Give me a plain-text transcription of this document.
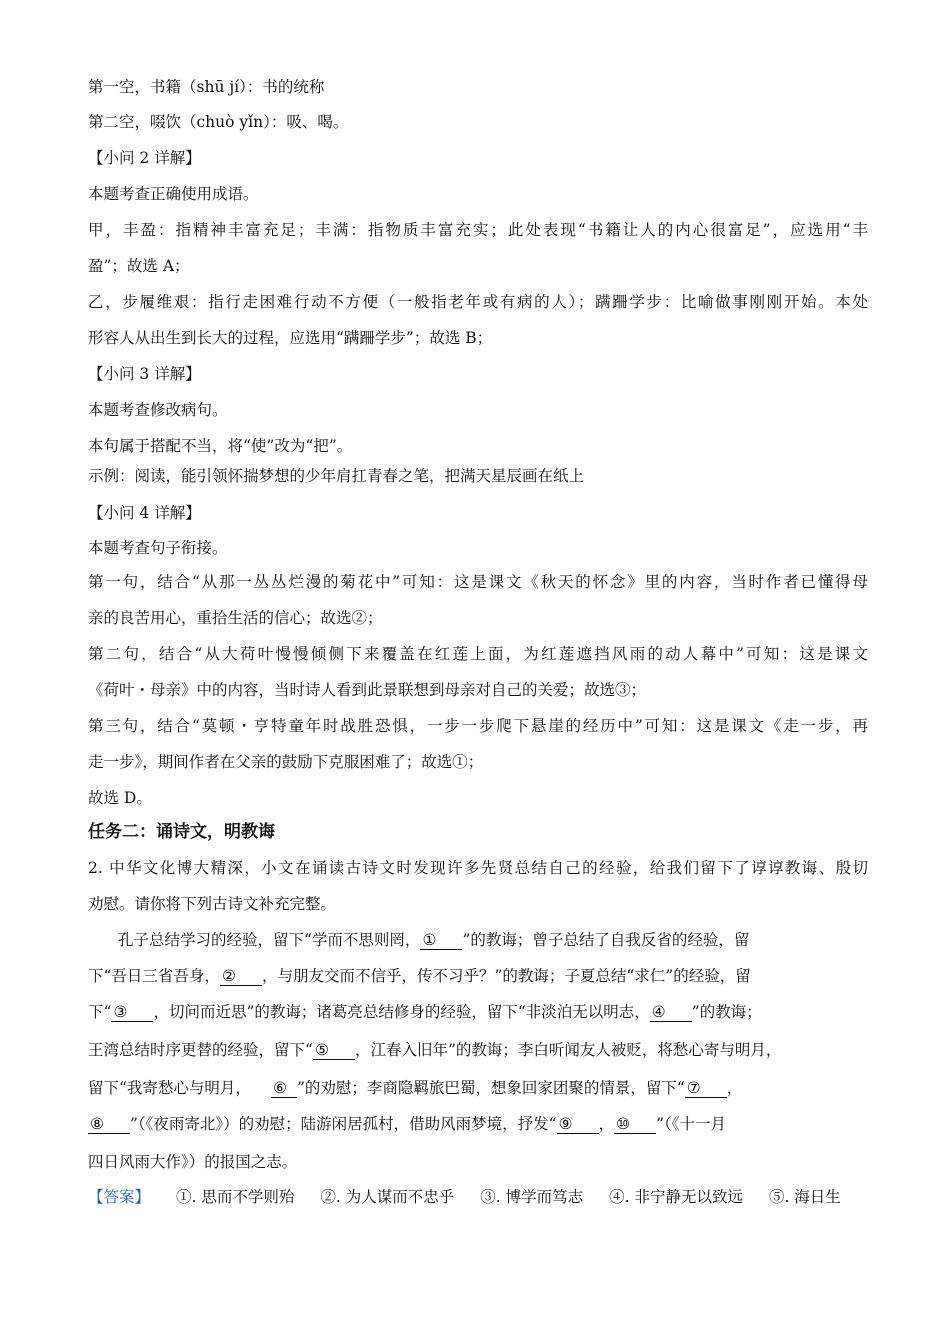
第一空，书籍（shū jí）：书的统称
第二空，啜饮（chuò yǐn）：吸、喝。
【小问 2 详解】
本题考查正确使用成语。
甲，丰盈：指精神丰富充足；丰满：指物质丰富充实；此处表现“书籍让人的内心很富足”，应选用“丰
盈”；故选 A；
乙，步履维艰：指行走困难行动不方便（一般指老年或有病的人）；蹒跚学步：比喻做事刚刚开始。本处
形容人从出生到长大的过程，应选用“蹒跚学步”；故选 B；
【小问 3 详解】
本题考查修改病句。
本句属于搭配不当，将“使”改为“把”。
示例：阅读，能引领怀揣梦想的少年肩扛青春之笔，把满天星辰画在纸上
【小问 4 详解】
本题考查句子衔接。
第一句，结合“从那一丛丛烂漫的菊花中”可知：这是课文《秋天的怀念》里的内容，当时作者已懂得母
亲的良苦用心，重拾生活的信心；故选②；
第二句，结合“从大荷叶慢慢倾侧下来覆盖在红莲上面，为红莲遮挡风雨的动人幕中”可知：这是课文
《荷叶・母亲》中的内容，当时诗人看到此景联想到母亲对自己的关爱；故选③；
第三句，结合“莫顿・亨特童年时战胜恐惧，一步一步爬下悬崖的经历中”可知：这是课文《走一步，再
走一步》，期间作者在父亲的鼓励下克服困难了；故选①；
故选 D。
任务二：诵诗文，明教诲
2. 中华文化博大精深，小文在诵读古诗文时发现许多先贤总结自己的经验，给我们留下了谆谆教诲、殷切
劝慰。请你将下列古诗文补充完整。
孔子总结学习的经验，留下“学而不思则罔， ① ”的教诲；曾子总结了自我反省的经验，留
下“吾日三省吾身， ② ，与朋友交而不信乎，传不习乎？”的教诲；子夏总结“求仁”的经验，留
下“ ③ ，切问而近思”的教诲；诸葛亮总结修身的经验，留下“非淡泊无以明志， ④ ”的教诲；
王湾总结时序更替的经验，留下“ ⑤ ，江春入旧年”的教诲；李白听闻友人被贬，将愁心寄与明月，
留下“我寄愁心与明月， ⑥ ”的劝慰；李商隐羁旅巴蜀，想象回家团聚的情景，留下“ ⑦ ，
⑧ ”（《夜雨寄北》）的劝慰；陆游闲居孤村，借助风雨梦境，抒发“ ⑨ ， ⑩ ”（《十一月
四日风雨大作》）的报国之志。
【答案】 ①. 思而不学则殆 ②. 为人谋而不忠乎 ③. 博学而笃志 ④. 非宁静无以致远 ⑤. 海日生
